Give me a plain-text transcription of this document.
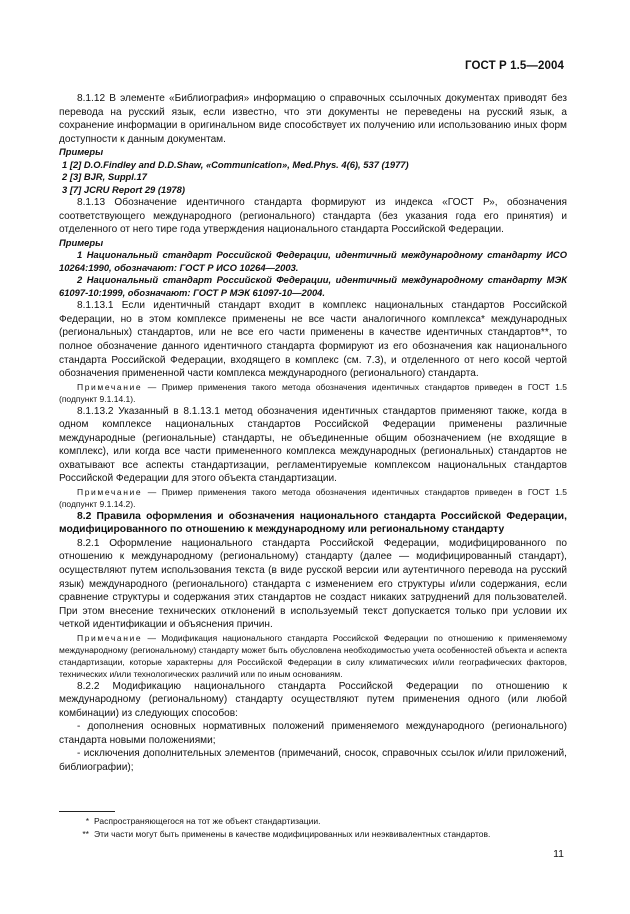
ГОСТ Р 1.5—2004

8.1.12 В элементе «Библиография» информацию о справочных ссылочных документах приводят без перевода на русский язык, если известно, что эти документы не переведены на русский язык, а сохранение информации в оригинальном виде способствует их получению или использованию иных форм доступности к данным документам.

Примеры

1 [2] D.O.Findley and D.D.Shaw, «Communication», Med.Phys. 4(6), 537 (1977)

2 [3] BJR, Suppl.17

3 [7] JCRU Report 29 (1978)

8.1.13 Обозначение идентичного стандарта формируют из индекса «ГОСТ Р», обозначения соответствующего международного (регионального) стандарта (без указания года его принятия) и отделенного от него тире года утверждения национального стандарта Российской Федерации.

Примеры

1 Национальный стандарт Российской Федерации, идентичный международному стандарту ИСО 10264:1990, обозначают: ГОСТ Р ИСО 10264—2003.

2 Национальный стандарт Российской Федерации, идентичный международному стандарту МЭК 61097-10:1999, обозначают: ГОСТ Р МЭК 61097-10—2004.

8.1.13.1 Если идентичный стандарт входит в комплекс национальных стандартов Российской Федерации, но в этом комплексе применены не все части аналогичного комплекса* международных (региональных) стандартов, или не все его части применены в качестве идентичных стандартов**, то полное обозначение данного идентичного стандарта формируют из его обозначения как национального стандарта Российской Федерации, входящего в комплекс (см. 7.3), и отделенного от него косой чертой обозначения примененной части комплекса международного (регионального) стандарта.

Примечание — Пример применения такого метода обозначения идентичных стандартов приведен в ГОСТ 1.5 (подпункт 9.1.14.1).

8.1.13.2 Указанный в 8.1.13.1 метод обозначения идентичных стандартов применяют также, когда в одном комплексе национальных стандартов Российской Федерации применены различные международные (региональные) стандарты, не объединенные общим обозначением (не входящие в комплекс), или когда все части примененного комплекса международных (региональных) стандартов не охватывают все аспекты стандартизации, регламентируемые комплексом национальных стандартов Российской Федерации для этого объекта стандартизации.

Примечание — Пример применения такого метода обозначения идентичных стандартов приведен в ГОСТ 1.5 (подпункт 9.1.14.2).

8.2 Правила оформления и обозначения национального стандарта Российской Федерации, модифицированного по отношению к международному или региональному стандарту

8.2.1 Оформление национального стандарта Российской Федерации, модифицированного по отношению к международному (региональному) стандарту (далее — модифицированный стандарт), осуществляют путем использования текста (в виде русской версии или аутентичного перевода на русский язык) международного (регионального) стандарта с изменением его структуры и/или содержания, если сравнение структуры и содержания этих стандартов не создаст никаких затруднений для пользователей. При этом внесение технических отклонений в используемый текст допускается только при условии их четкой идентификации и объяснения причин.

Примечание — Модификация национального стандарта Российской Федерации по отношению к применяемому международному (региональному) стандарту может быть обусловлена необходимостью учета особенностей объекта и аспекта стандартизации, которые характерны для Российской Федерации в силу климатических и/или географических факторов, технических и/или технологических различий или по иным основаниям.

8.2.2 Модификацию национального стандарта Российской Федерации по отношению к международному (региональному) стандарту осуществляют путем применения одного (или любой комбинации) из следующих способов:

- дополнения основных нормативных положений применяемого международного (регионального) стандарта новыми положениями;

- исключения дополнительных элементов (примечаний, сносок, справочных ссылок и/или приложений, библиографии);

* Распространяющегося на тот же объект стандартизации.
** Эти части могут быть применены в качестве модифицированных или неэквивалентных стандартов.
11
